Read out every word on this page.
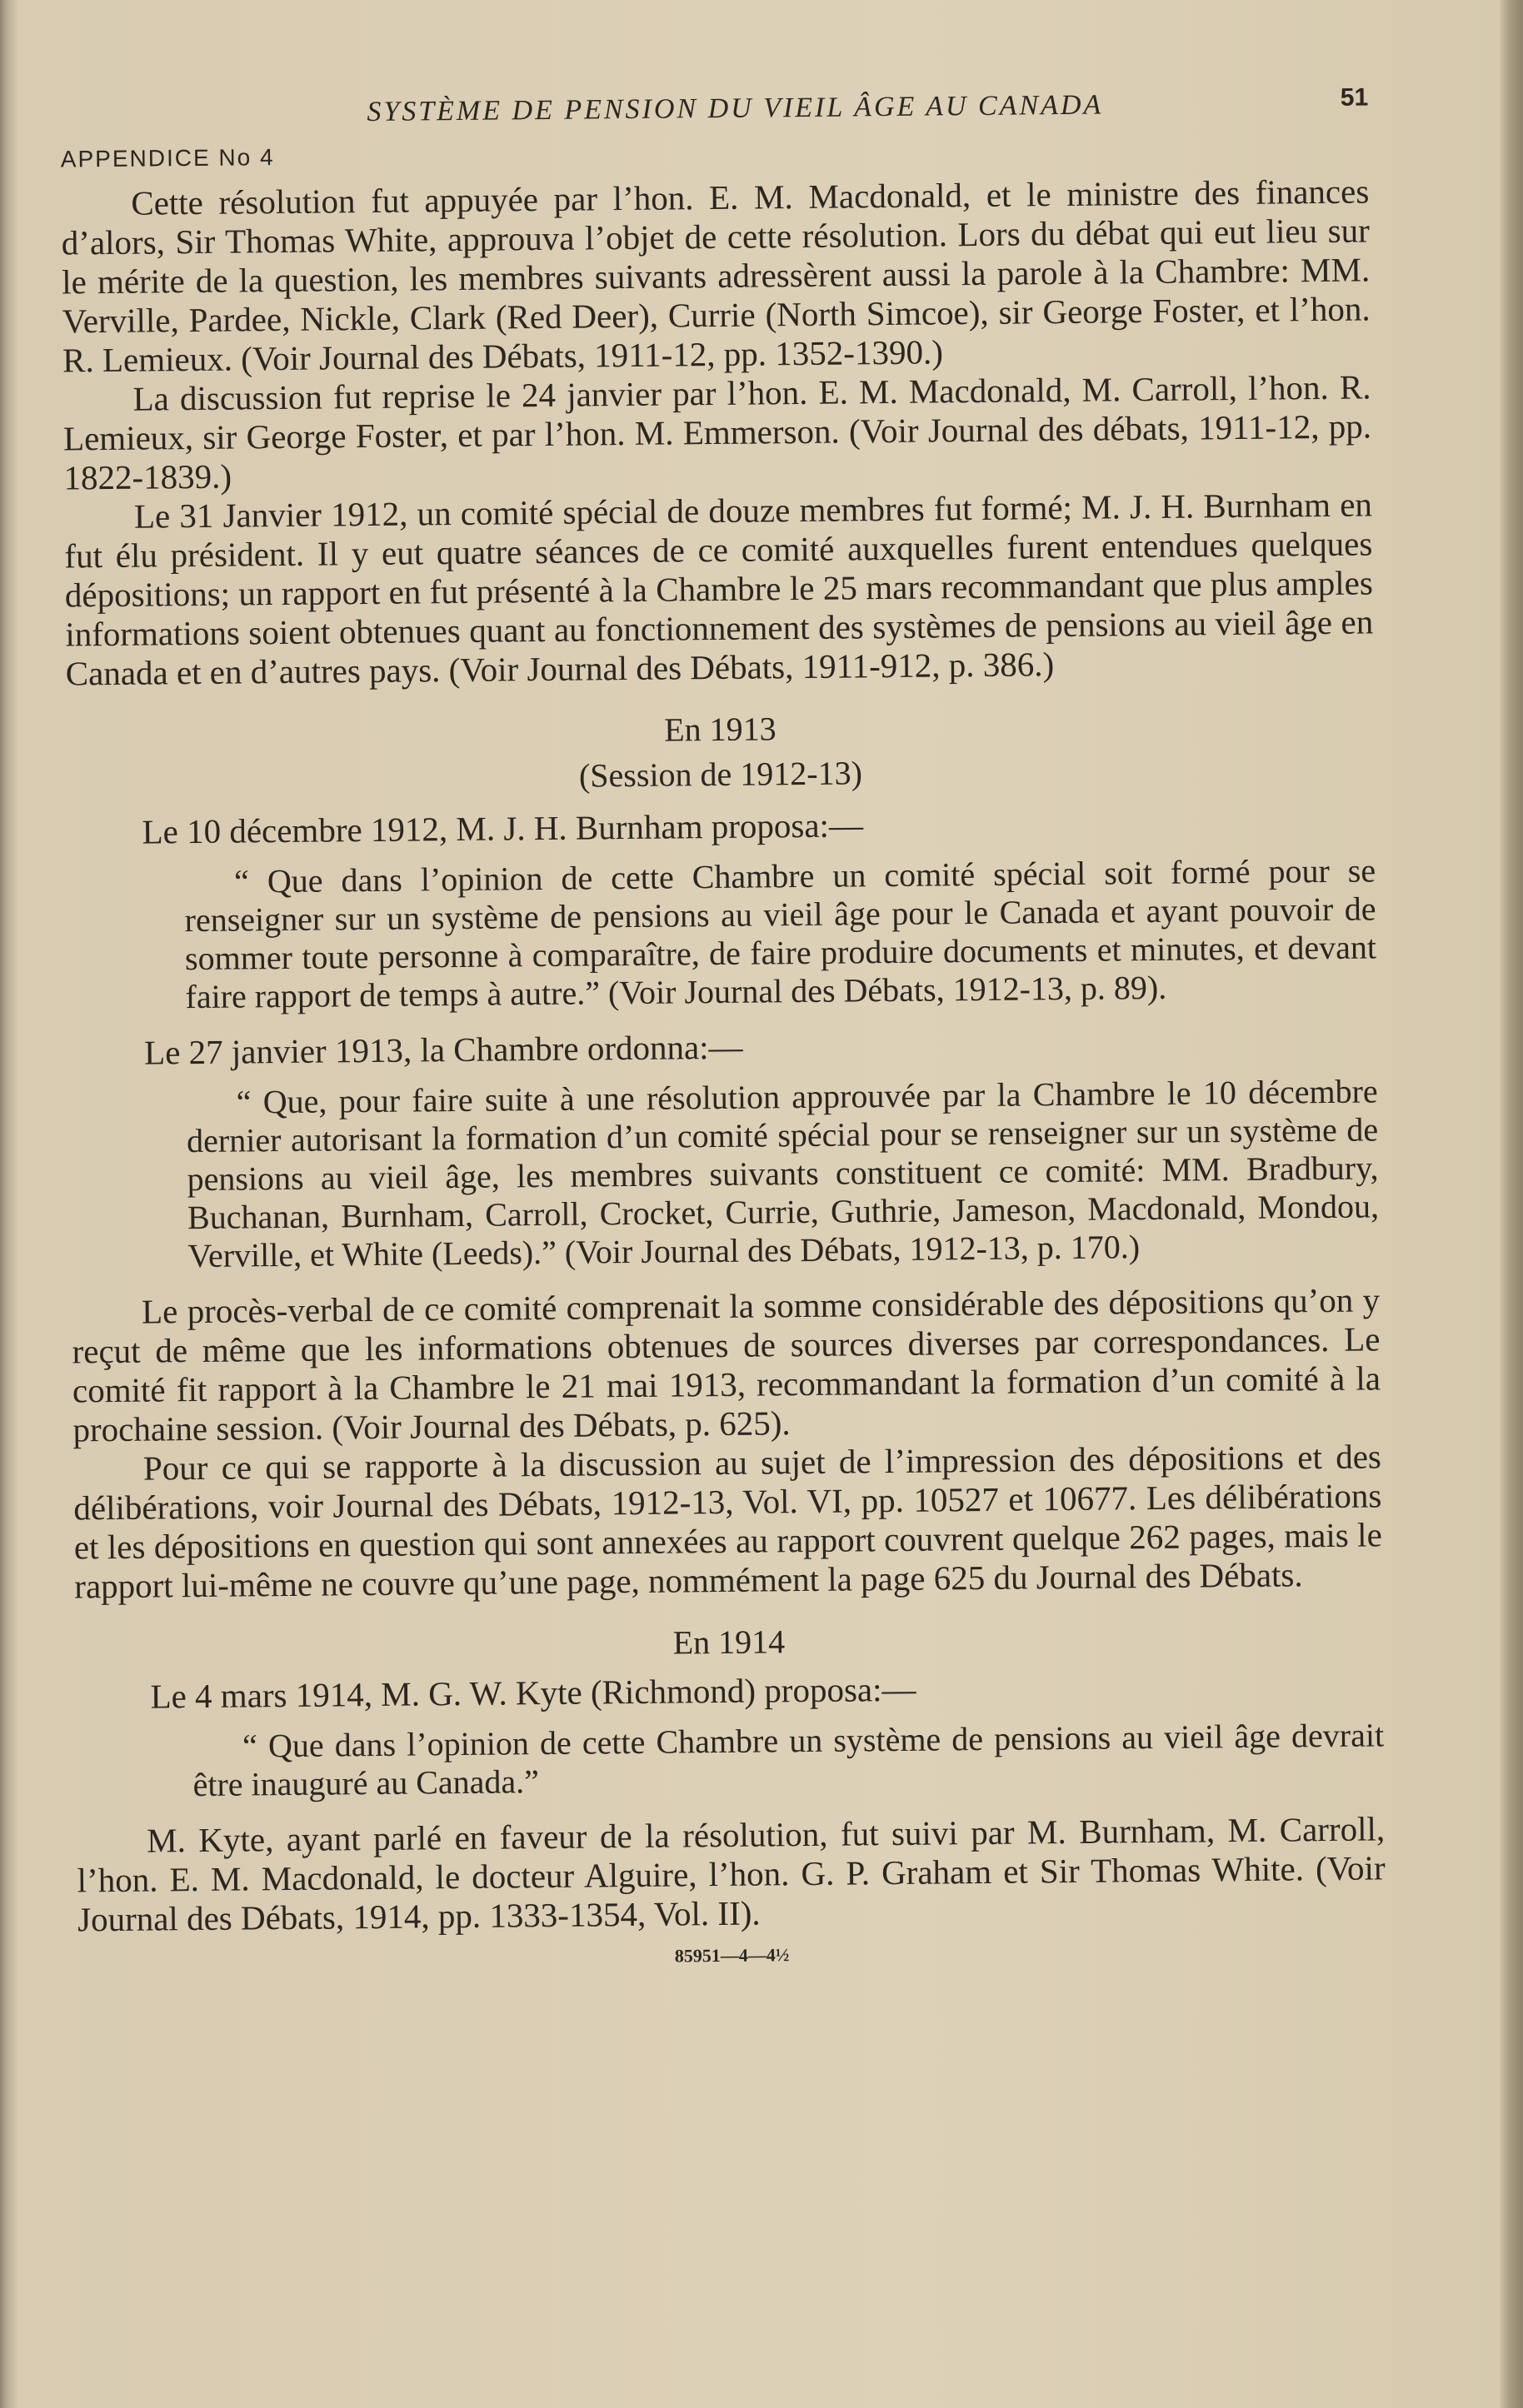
SYSTÈME DE PENSION DU VIEIL ÂGE AU CANADA	51
APPENDICE No 4

Cette résolution fut appuyée par l’hon. E. M. Macdonald, et le ministre des finances d’alors, Sir Thomas White, approuva l’objet de cette résolution. Lors du débat qui eut lieu sur le mérite de la question, les membres suivants adressèrent aussi la parole à la Chambre: MM. Verville, Pardee, Nickle, Clark (Red Deer), Currie (North Simcoe), sir George Foster, et l’hon. R. Lemieux. (Voir Journal des Débats, 1911-12, pp. 1352-1390.)

La discussion fut reprise le 24 janvier par l’hon. E. M. Macdonald, M. Carroll, l’hon. R. Lemieux, sir George Foster, et par l’hon. M. Emmerson. (Voir Journal des débats, 1911-12, pp. 1822-1839.)

Le 31 Janvier 1912, un comité spécial de douze membres fut formé; M. J. H. Burnham en fut élu président. Il y eut quatre séances de ce comité auxquelles furent entendues quelques dépositions; un rapport en fut présenté à la Chambre le 25 mars recommandant que plus amples informations soient obtenues quant au fonctionnement des systèmes de pensions au vieil âge en Canada et en d’autres pays. (Voir Journal des Débats, 1911-912, p. 386.)

En 1913
(Session de 1912-13)
Le 10 décembre 1912, M. J. H. Burnham proposa:—
“ Que dans l’opinion de cette Chambre un comité spécial soit formé pour se renseigner sur un système de pensions au vieil âge pour le Canada et ayant pouvoir de sommer toute personne à comparaître, de faire produire documents et minutes, et devant faire rapport de temps à autre.” (Voir Journal des Débats, 1912-13, p. 89).
Le 27 janvier 1913, la Chambre ordonna:—
“ Que, pour faire suite à une résolution approuvée par la Chambre le 10 décembre dernier autorisant la formation d’un comité spécial pour se renseigner sur un système de pensions au vieil âge, les membres suivants constituent ce comité: MM. Bradbury, Buchanan, Burnham, Carroll, Crocket, Currie, Guthrie, Jameson, Macdonald, Mondou, Verville, et White (Leeds).” (Voir Journal des Débats, 1912-13, p. 170.)

Le procès-verbal de ce comité comprenait la somme considérable des dépositions qu’on y reçut de même que les informations obtenues de sources diverses par correspondances. Le comité fit rapport à la Chambre le 21 mai 1913, recommandant la formation d’un comité à la prochaine session. (Voir Journal des Débats, p. 625).

Pour ce qui se rapporte à la discussion au sujet de l’impression des dépositions et des délibérations, voir Journal des Débats, 1912-13, Vol. VI, pp. 10527 et 10677. Les délibérations et les dépositions en question qui sont annexées au rapport couvrent quelque 262 pages, mais le rapport lui-même ne couvre qu’une page, nommément la page 625 du Journal des Débats.

En 1914
Le 4 mars 1914, M. G. W. Kyte (Richmond) proposa:—
“ Que dans l’opinion de cette Chambre un système de pensions au vieil âge devrait être inauguré au Canada.”

M. Kyte, ayant parlé en faveur de la résolution, fut suivi par M. Burnham, M. Carroll, l’hon. E. M. Macdonald, le docteur Alguire, l’hon. G. P. Graham et Sir Thomas White. (Voir Journal des Débats, 1914, pp. 1333-1354, Vol. II).

85951—4—4½
